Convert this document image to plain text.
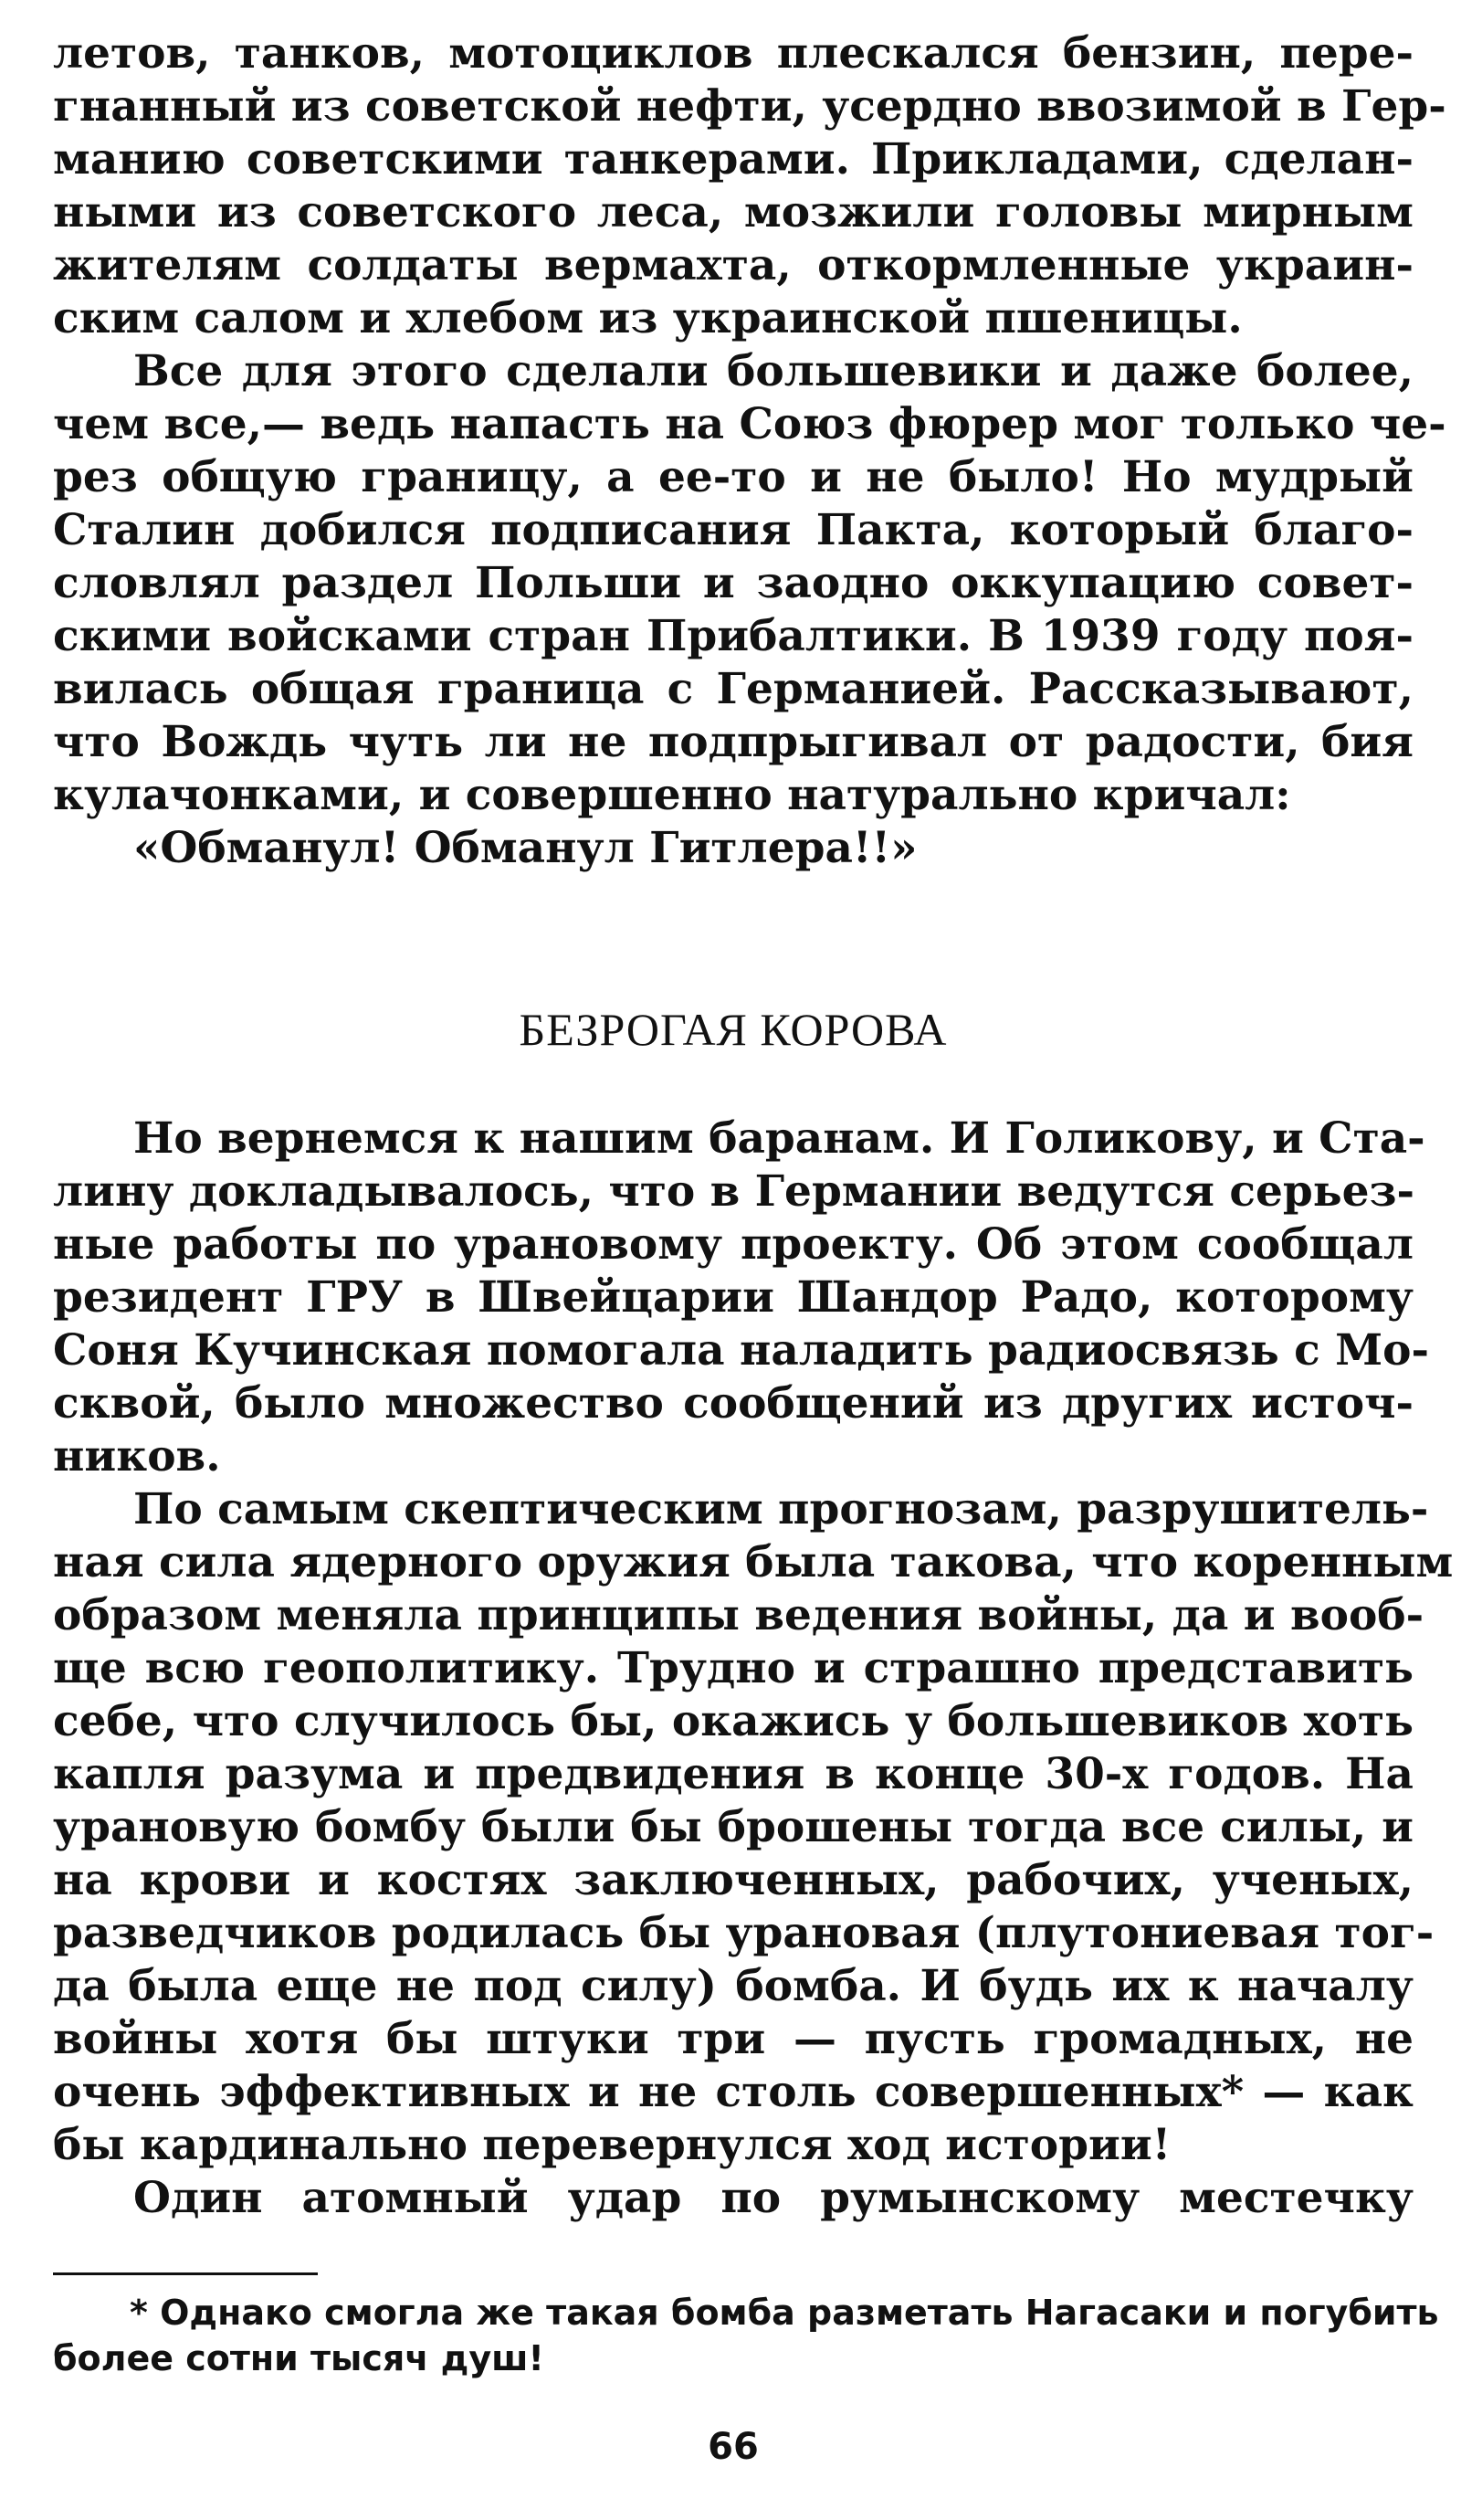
летов, танков, мотоциклов плескался бензин, пере-
гнанный из советской нефти, усердно ввозимой в Гер-
манию советскими танкерами. Прикладами, сделан-
ными из советского леса, мозжили головы мирным
жителям солдаты вермахта, откормленные украин-
ским салом и хлебом из украинской пшеницы.
Все для этого сделали большевики и даже более,
чем все,— ведь напасть на Союз фюрер мог только че-
рез общую границу, а ее-то и не было! Но мудрый
Сталин добился подписания Пакта, который благо-
словлял раздел Польши и заодно оккупацию совет-
скими войсками стран Прибалтики. В 1939 году поя-
вилась общая граница с Германией. Рассказывают,
что Вождь чуть ли не подпрыгивал от радости, бия
кулачонками, и совершенно натурально кричал:
«Обманул! Обманул Гитлера!!»
БЕЗРОГАЯ КОРОВА
Но вернемся к нашим баранам. И Голикову, и Ста-
лину докладывалось, что в Германии ведутся серьез-
ные работы по урановому проекту. Об этом сообщал
резидент ГРУ в Швейцарии Шандор Радо, которому
Соня Кучинская помогала наладить радиосвязь с Мо-
сквой, было множество сообщений из других источ-
ников.
По самым скептическим прогнозам, разрушитель-
ная сила ядерного оружия была такова, что коренным
образом меняла принципы ведения войны, да и вооб-
ще всю геополитику. Трудно и страшно представить
себе, что случилось бы, окажись у большевиков хоть
капля разума и предвидения в конце 30-х годов. На
урановую бомбу были бы брошены тогда все силы, и
на крови и костях заключенных, рабочих, ученых,
разведчиков родилась бы урановая (плутониевая тог-
да была еще не под силу) бомба. И будь их к началу
войны хотя бы штуки три — пусть громадных, не
очень эффективных и не столь совершенных* — как
бы кардинально перевернулся ход истории!
Один атомный удар по румынскому местечку
* Однако смогла же такая бомба разметать Нагасаки и погубить
более сотни тысяч душ!
66
